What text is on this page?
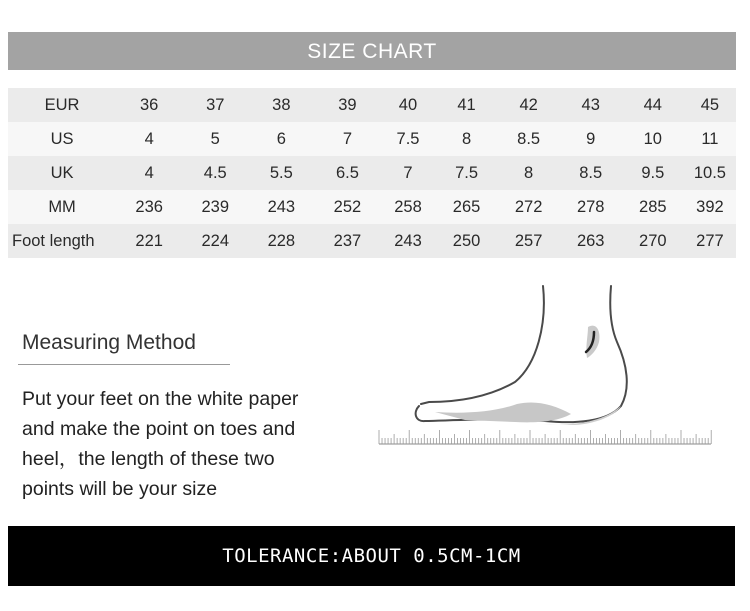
SIZE CHART
EUR	36	37	38	39	40	41	42	43	44	45
US	4	5	6	7	7.5	8	8.5	9	10	11
UK	4	4.5	5.5	6.5	7	7.5	8	8.5	9.5	10.5
MM	236	239	243	252	258	265	272	278	285	392
Foot length	221	224	228	237	243	250	257	263	270	277
Measuring Method
Put your feet on the white paper
and make the point on toes and
heel，the length of these two
points will be your size
TOLERANCE:ABOUT 0.5CM-1CM
